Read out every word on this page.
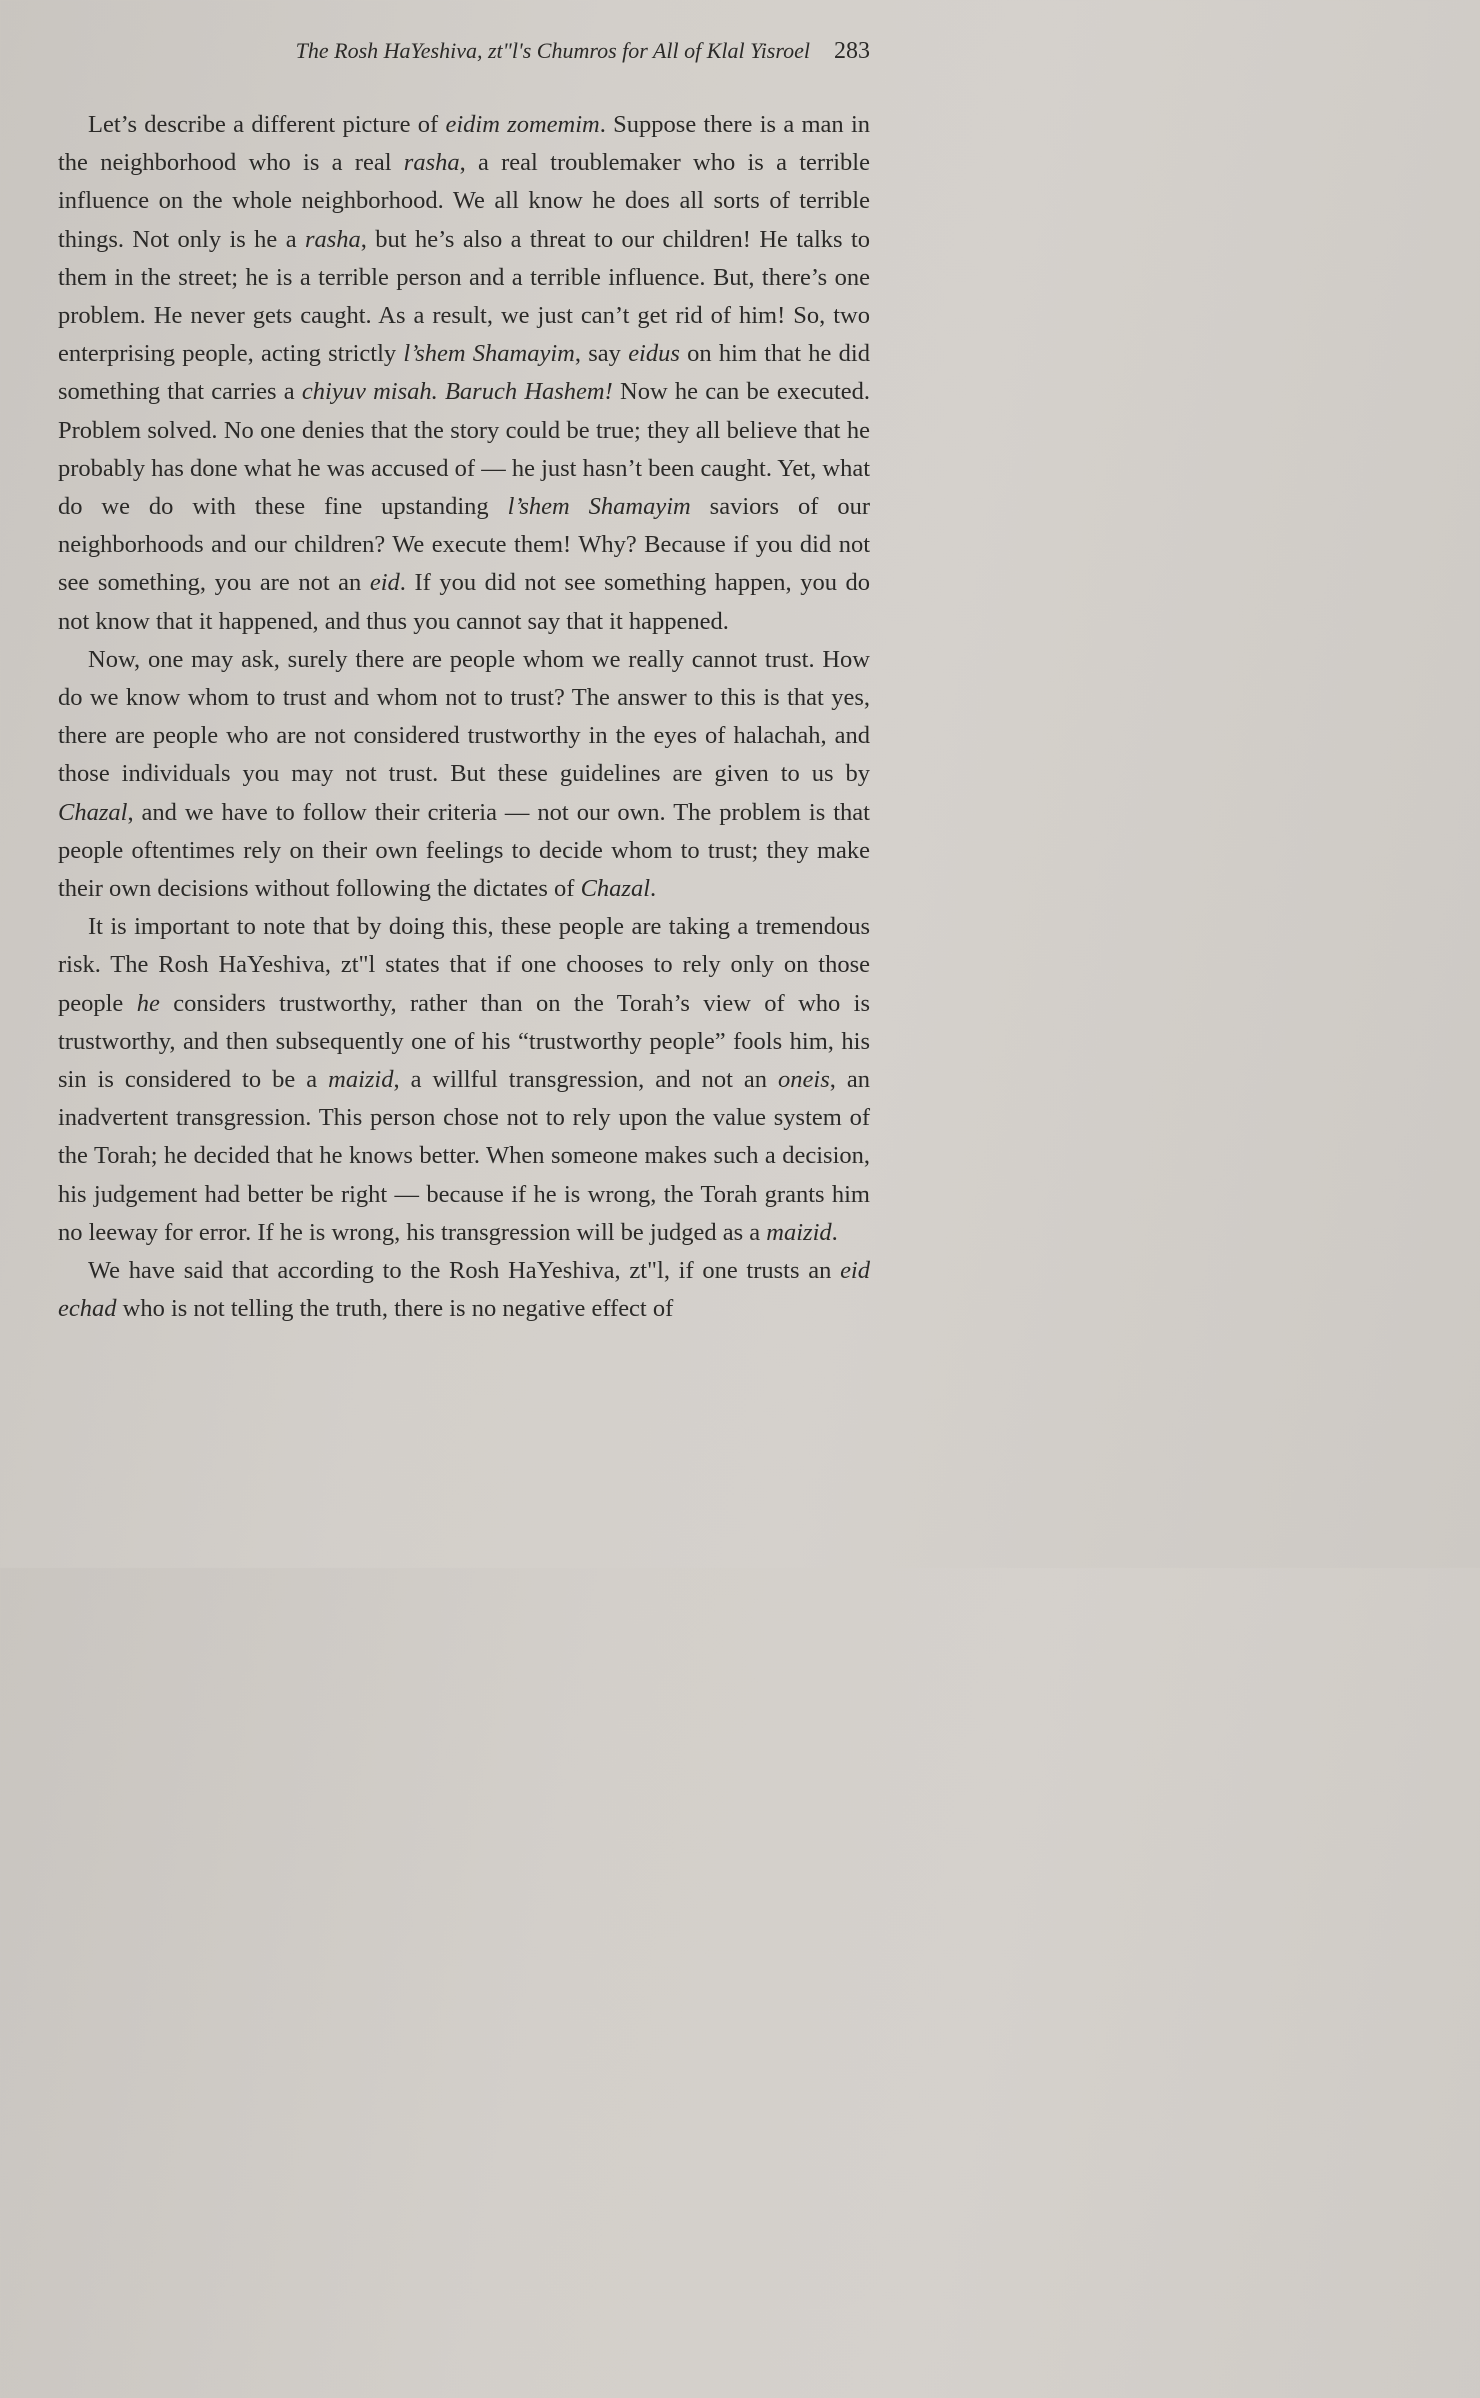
The Rosh HaYeshiva, zt"l's Chumros for All of Klal Yisroel 283

Let’s describe a different picture of eidim zomemim. Suppose there is a man in the neighborhood who is a real rasha, a real troublemaker who is a terrible influence on the whole neighborhood. We all know he does all sorts of terrible things. Not only is he a rasha, but he’s also a threat to our children! He talks to them in the street; he is a terrible person and a terrible influence. But, there’s one problem. He never gets caught. As a result, we just can’t get rid of him! So, two enterprising people, acting strictly l’shem Shamayim, say eidus on him that he did something that carries a chiyuv misah. Baruch Hashem! Now he can be executed. Problem solved. No one denies that the story could be true; they all believe that he probably has done what he was accused of — he just hasn’t been caught. Yet, what do we do with these fine upstanding l’shem Shamayim saviors of our neighborhoods and our children? We execute them! Why? Because if you did not see something, you are not an eid. If you did not see something happen, you do not know that it happened, and thus you cannot say that it happened.

Now, one may ask, surely there are people whom we really cannot trust. How do we know whom to trust and whom not to trust? The answer to this is that yes, there are people who are not considered trustworthy in the eyes of halachah, and those individuals you may not trust. But these guidelines are given to us by Chazal, and we have to follow their criteria — not our own. The problem is that people oftentimes rely on their own feelings to decide whom to trust; they make their own decisions without following the dictates of Chazal.

It is important to note that by doing this, these people are taking a tremendous risk. The Rosh HaYeshiva, zt"l states that if one chooses to rely only on those people he considers trustworthy, rather than on the Torah’s view of who is trustworthy, and then subsequently one of his “trustworthy people” fools him, his sin is considered to be a maizid, a willful transgression, and not an oneis, an inadvertent transgression. This person chose not to rely upon the value system of the Torah; he decided that he knows better. When someone makes such a decision, his judgement had better be right — because if he is wrong, the Torah grants him no leeway for error. If he is wrong, his transgression will be judged as a maizid.

We have said that according to the Rosh HaYeshiva, zt"l, if one trusts an eid echad who is not telling the truth, there is no negative effect of
